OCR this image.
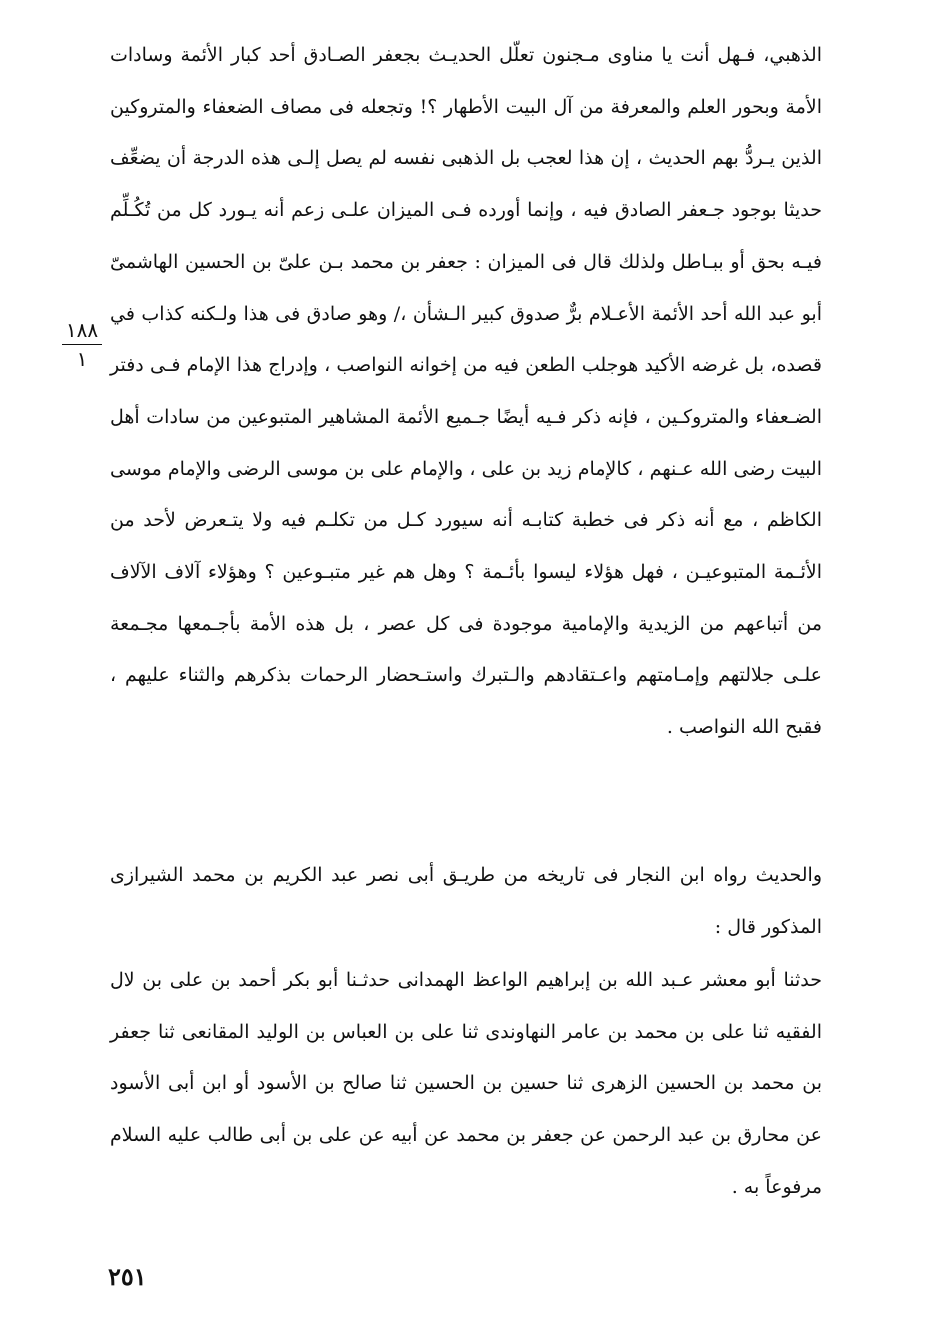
الذهبي، فـهل أنت يا مناوى مـجنون تعلّل الحديـث بجعفر الصـادق أحد كبار الأئمة وسادات الأمة وبحور العلم والمعرفة من آل البيت الأطهار ؟! وتجعله فى مصاف الضعفاء والمتروكين الذين يـردُّ بهم الحديث ، إن هذا لعجب بل الذهبى نفسه لم يصل إلـى هذه الدرجة أن يضعِّف حديثا بوجود جـعفر الصادق فيه ، وإنما أورده فـى الميزان علـى زعم أنه يـورد كل من تُكُـلِّم فيـه بحق أو ببـاطل ولذلك قال فى الميزان : جعفر بن محمد بـن علىّ بن الحسين الهاشمىّ أبو عبد الله أحد الأئمة الأعـلام برٌّ صدوق كبير الـشأن ،/ وهو صادق فى هذا ولـكنه كذاب في قصده، بل غرضه الأكيد هوجلب الطعن فيه من إخوانه النواصب ، وإدراج هذا الإمام فـى دفتر الضـعفاء والمتروكـين ، فإنه ذكر فـيه أيضًا جـميع الأئمة المشاهير المتبوعين من سادات أهل البيت رضى الله عـنهم ، كالإمام زيد بن على ، والإمام على بن موسى الرضى والإمام موسى الكاظم ، مع أنه ذكر فى خطبة كتابـه أنه سيورد كـل من تكلـم فيه ولا يتـعرض لأحد من الأئـمة المتبوعيـن ، فهل هؤلاء ليسوا بأئـمة ؟ وهل هم غير متبـوعين ؟ وهؤلاء آلاف الآلاف من أتباعهم من الزيدية والإمامية موجودة فى كل عصر ، بل هذه الأمة بأجـمعها مجـمعة علـى جلالتهم وإمـامتهم واعـتقادهم والـتبرك واستـحضار الرحمات بذكرهم والثناء عليهم ، فقبح الله النواصب .

١٨٨
١

والحديث رواه ابن النجار فى تاريخه من طريـق أبى نصر عبد الكريم بن محمد الشيرازى المذكور قال :

حدثنا أبو معشر عـبد الله بن إبراهيم الواعظ الهمدانى حدثـنا أبو بكر أحمد بن على بن لال الفقيه ثنا على بن محمد بن عامر النهاوندى ثنا على بن العباس بن الوليد المقانعى ثنا جعفر بن محمد بن الحسين الزهرى ثنا حسين بن الحسين ثنا صالح بن الأسود أو ابن أبى الأسود عن محارق بن عبد الرحمن عن جعفر بن محمد عن أبيه عن على بن أبى طالب عليه السلام مرفوعاً به .

٢٥١
